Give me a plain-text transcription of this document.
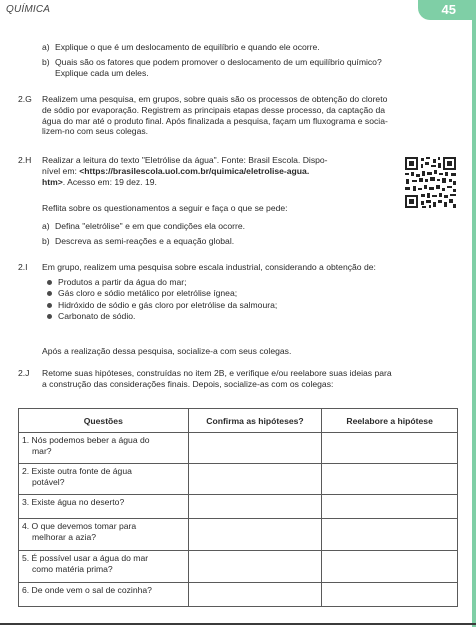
QUÍMICA	45
a) Explique o que é um deslocamento de equilíbrio e quando ele ocorre.
b) Quais são os fatores que podem promover o deslocamento de um equilíbrio químico?
Explique cada um deles.
2.G Realizem uma pesquisa, em grupos, sobre quais são os processos de obtenção do cloreto
de sódio por evaporação. Registrem as principais etapas desse processo, da captação da
água do mar até o produto final. Após finalizada a pesquisa, façam um fluxograma e socia-
lizem-no com seus colegas.
2.H Realizar a leitura do texto "Eletrólise da água". Fonte: Brasil Escola. Dispo-
nível em: <https://brasilescola.uol.com.br/quimica/eletrolise-agua.
htm>. Acesso em: 19 dez. 19.
Reflita sobre os questionamentos a seguir e faça o que se pede:
a) Defina "eletrólise" e em que condições ela ocorre.
b) Descreva as semi-reações e a equação global.
2.I Em grupo, realizem uma pesquisa sobre escala industrial, considerando a obtenção de:
Produtos a partir da água do mar;
Gás cloro e sódio metálico por eletrólise ígnea;
Hidróxido de sódio e gás cloro por eletrólise da salmoura;
Carbonato de sódio.
Após a realização dessa pesquisa, socialize-a com seus colegas.
2.J Retome suas hipóteses, construídas no item 2B, e verifique e/ou reelabore suas ideias para
a construção das considerações finais. Depois, socialize-as com os colegas:
Questões	Confirma as hipóteses?	Reelabore a hipótese

1. Nós podemos beber a água do
mar?		

2. Existe outra fonte de água
potável?		

3. Existe água no deserto?		

4. O que devemos tomar para
melhorar a azia?		

5. É possível usar a água do mar
como matéria prima?		

6. De onde vem o sal de cozinha?		
